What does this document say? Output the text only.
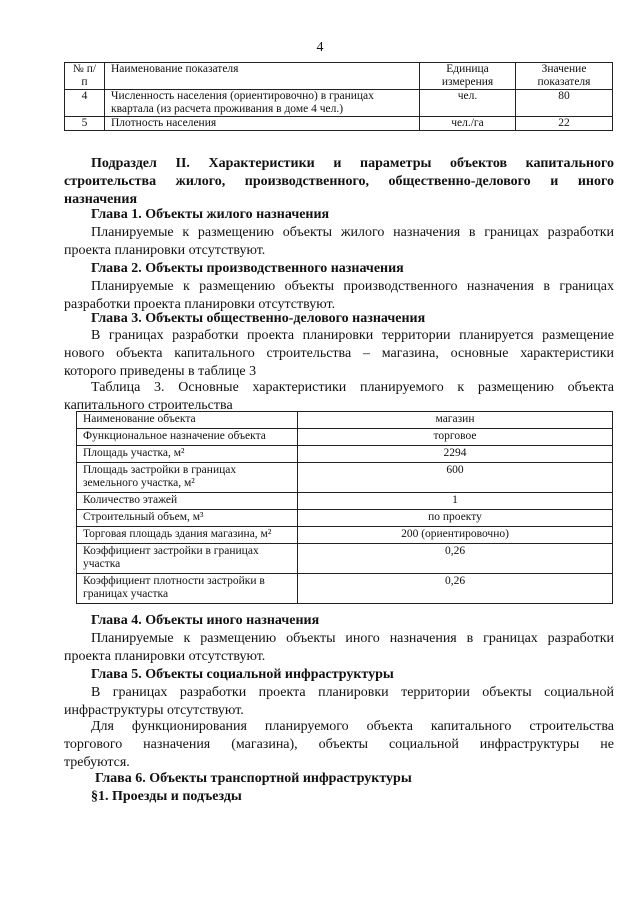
4
№ п/п	Наименование показателя	Единица измерения	Значение показателя
4	Численность населения (ориентировочно) в границах квартала (из расчета проживания в доме 4 чел.)	чел.	80
5	Плотность населения	чел./га	22
Подраздел II. Характеристики и параметры объектов капитального
строительства жилого, производственного, общественно-делового и иного
назначения
Глава 1. Объекты жилого назначения
Планируемые к размещению объекты жилого назначения в границах разработки
проекта планировки отсутствуют.
Глава 2. Объекты производственного назначения
Планируемые к размещению объекты производственного назначения в границах
разработки проекта планировки отсутствуют.
Глава 3. Объекты общественно-делового назначения
В границах разработки проекта планировки территории планируется размещение
нового объекта капитального строительства – магазина, основные характеристики
которого приведены в таблице 3
Таблица 3. Основные характеристики планируемого к размещению объекта
капитального строительства
Наименование объекта	магазин
Функциональное назначение объекта	торговое
Площадь участка, м²	2294
Площадь застройки в границах земельного участка, м²	600
Количество этажей	1
Строительный объем, м³	по проекту
Торговая площадь здания магазина, м²	200 (ориентировочно)
Коэффициент застройки в границах участка	0,26
Коэффициент плотности застройки в границах участка	0,26
Глава 4. Объекты иного назначения
Планируемые к размещению объекты иного назначения в границах разработки
проекта планировки отсутствуют.
Глава 5. Объекты социальной инфраструктуры
В границах разработки проекта планировки территории объекты социальной
инфраструктуры отсутствуют.
Для функционирования планируемого объекта капитального строительства
торгового назначения (магазина), объекты социальной инфраструктуры не
требуются.
Глава 6. Объекты транспортной инфраструктуры
§1. Проезды и подъезды
